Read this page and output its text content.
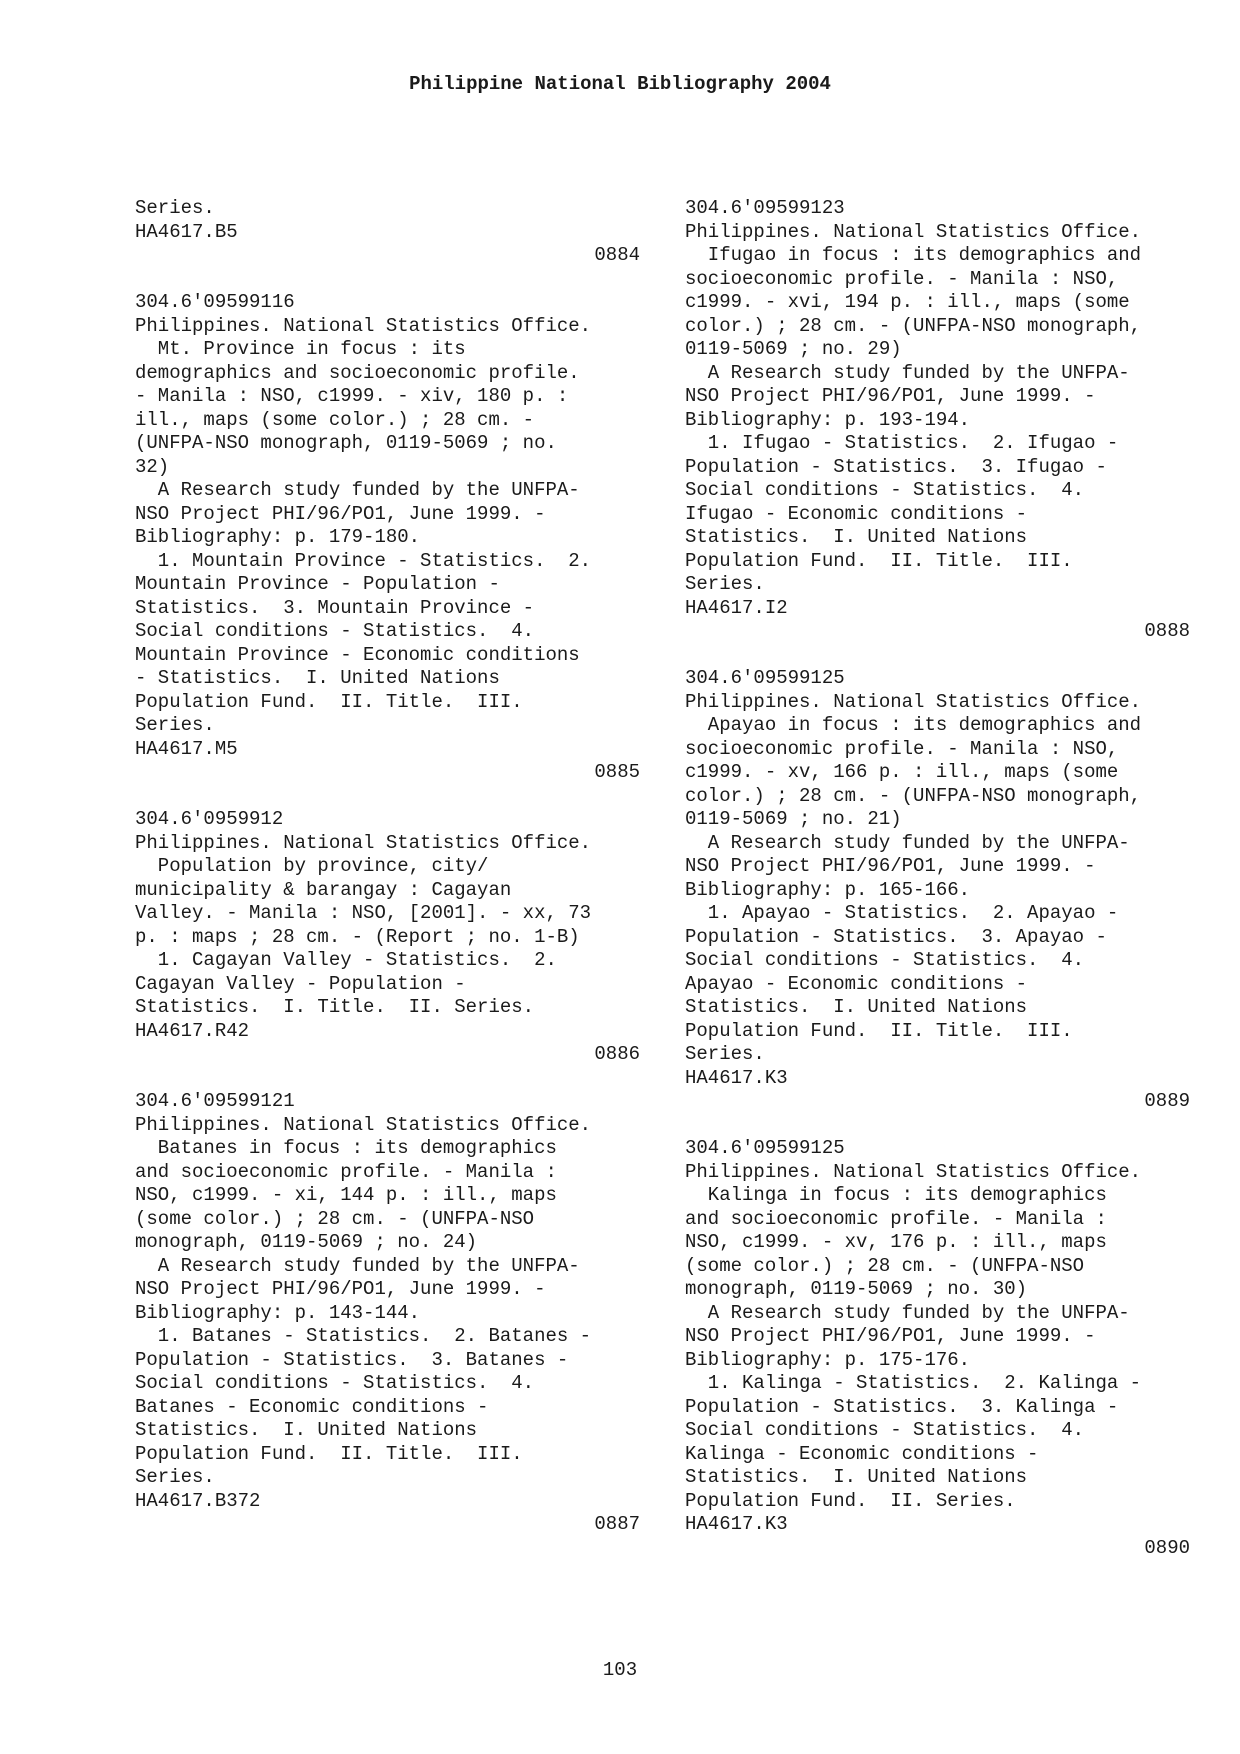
Philippine National Bibliography 2004
Series.
HA4617.B5
0884
304.6'09599116
Philippines. National Statistics Office.
Mt. Province in focus : its
demographics and socioeconomic profile.
- Manila : NSO, c1999. - xiv, 180 p. :
ill., maps (some color.) ; 28 cm. -
(UNFPA-NSO monograph, 0119-5069 ; no.
32)
A Research study funded by the UNFPA-
NSO Project PHI/96/PO1, June 1999. -
Bibliography: p. 179-180.
1. Mountain Province - Statistics.  2.
Mountain Province - Population -
Statistics.  3. Mountain Province -
Social conditions - Statistics.  4.
Mountain Province - Economic conditions
- Statistics.  I. United Nations
Population Fund.  II. Title.  III.
Series.
HA4617.M5
0885
304.6'0959912
Philippines. National Statistics Office.
Population by province, city/
municipality & barangay : Cagayan
Valley. - Manila : NSO, [2001]. - xx, 73
p. : maps ; 28 cm. - (Report ; no. 1-B)
1. Cagayan Valley - Statistics.  2.
Cagayan Valley - Population -
Statistics.  I. Title.  II. Series.
HA4617.R42
0886
304.6'09599121
Philippines. National Statistics Office.
Batanes in focus : its demographics
and socioeconomic profile. - Manila :
NSO, c1999. - xi, 144 p. : ill., maps
(some color.) ; 28 cm. - (UNFPA-NSO
monograph, 0119-5069 ; no. 24)
A Research study funded by the UNFPA-
NSO Project PHI/96/PO1, June 1999. -
Bibliography: p. 143-144.
1. Batanes - Statistics.  2. Batanes -
Population - Statistics.  3. Batanes -
Social conditions - Statistics.  4.
Batanes - Economic conditions -
Statistics.  I. United Nations
Population Fund.  II. Title.  III.
Series.
HA4617.B372
0887
304.6'09599123
Philippines. National Statistics Office.
Ifugao in focus : its demographics and
socioeconomic profile. - Manila : NSO,
c1999. - xvi, 194 p. : ill., maps (some
color.) ; 28 cm. - (UNFPA-NSO monograph,
0119-5069 ; no. 29)
A Research study funded by the UNFPA-
NSO Project PHI/96/PO1, June 1999. -
Bibliography: p. 193-194.
1. Ifugao - Statistics.  2. Ifugao -
Population - Statistics.  3. Ifugao -
Social conditions - Statistics.  4.
Ifugao - Economic conditions -
Statistics.  I. United Nations
Population Fund.  II. Title.  III.
Series.
HA4617.I2
0888
304.6'09599125
Philippines. National Statistics Office.
Apayao in focus : its demographics and
socioeconomic profile. - Manila : NSO,
c1999. - xv, 166 p. : ill., maps (some
color.) ; 28 cm. - (UNFPA-NSO monograph,
0119-5069 ; no. 21)
A Research study funded by the UNFPA-
NSO Project PHI/96/PO1, June 1999. -
Bibliography: p. 165-166.
1. Apayao - Statistics.  2. Apayao -
Population - Statistics.  3. Apayao -
Social conditions - Statistics.  4.
Apayao - Economic conditions -
Statistics.  I. United Nations
Population Fund.  II. Title.  III.
Series.
HA4617.K3
0889
304.6'09599125
Philippines. National Statistics Office.
Kalinga in focus : its demographics
and socioeconomic profile. - Manila :
NSO, c1999. - xv, 176 p. : ill., maps
(some color.) ; 28 cm. - (UNFPA-NSO
monograph, 0119-5069 ; no. 30)
A Research study funded by the UNFPA-
NSO Project PHI/96/PO1, June 1999. -
Bibliography: p. 175-176.
1. Kalinga - Statistics.  2. Kalinga -
Population - Statistics.  3. Kalinga -
Social conditions - Statistics.  4.
Kalinga - Economic conditions -
Statistics.  I. United Nations
Population Fund.  II. Series.
HA4617.K3
0890
103
